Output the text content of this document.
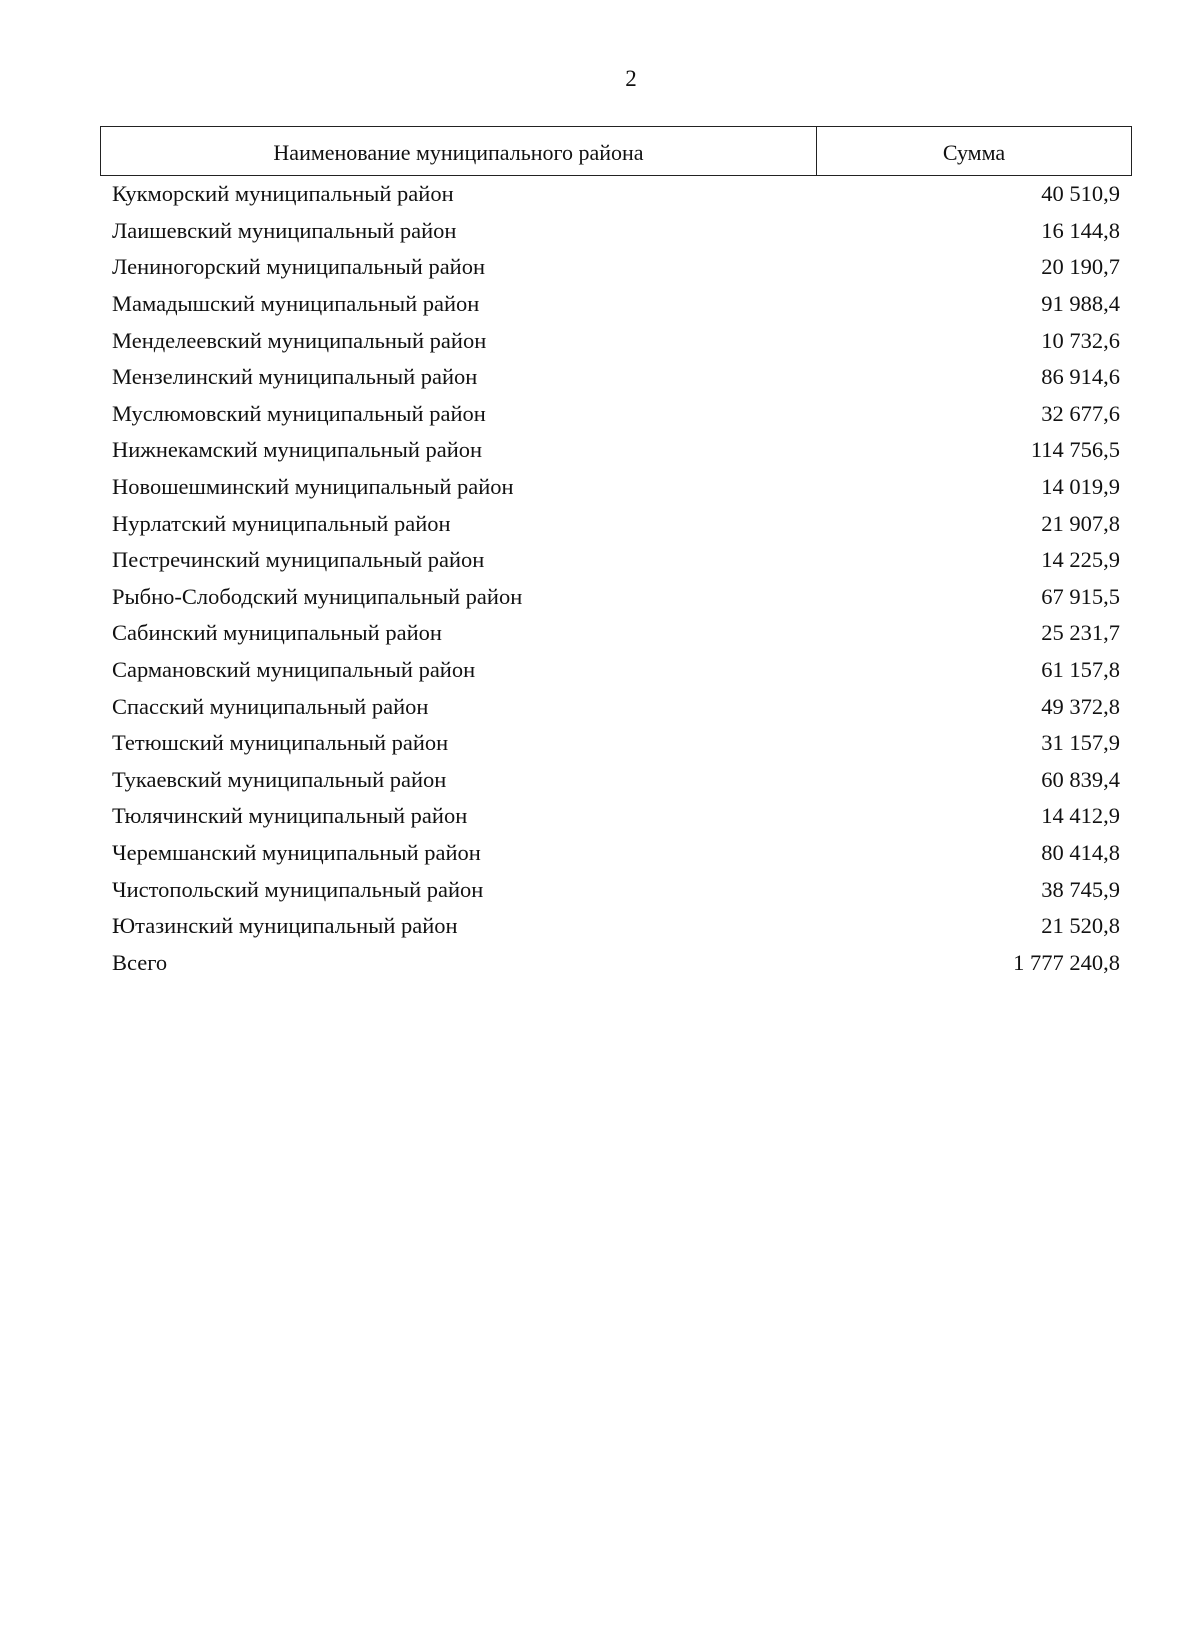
2
Наименование муниципального района	Сумма
Кукморский муниципальный район	40 510,9
Лаишевский муниципальный район	16 144,8
Лениногорский муниципальный район	20 190,7
Мамадышский муниципальный район	91 988,4
Менделеевский муниципальный район	10 732,6
Мензелинский муниципальный район	86 914,6
Муслюмовский муниципальный район	32 677,6
Нижнекамский муниципальный район	114 756,5
Новошешминский муниципальный район	14 019,9
Нурлатский муниципальный район	21 907,8
Пестречинский муниципальный район	14 225,9
Рыбно-Слободский муниципальный район	67 915,5
Сабинский муниципальный район	25 231,7
Сармановский муниципальный район	61 157,8
Спасский муниципальный район	49 372,8
Тетюшский муниципальный район	31 157,9
Тукаевский муниципальный район	60 839,4
Тюлячинский муниципальный район	14 412,9
Черемшанский муниципальный район	80 414,8
Чистопольский муниципальный район	38 745,9
Ютазинский муниципальный район	21 520,8
Всего	1 777 240,8
